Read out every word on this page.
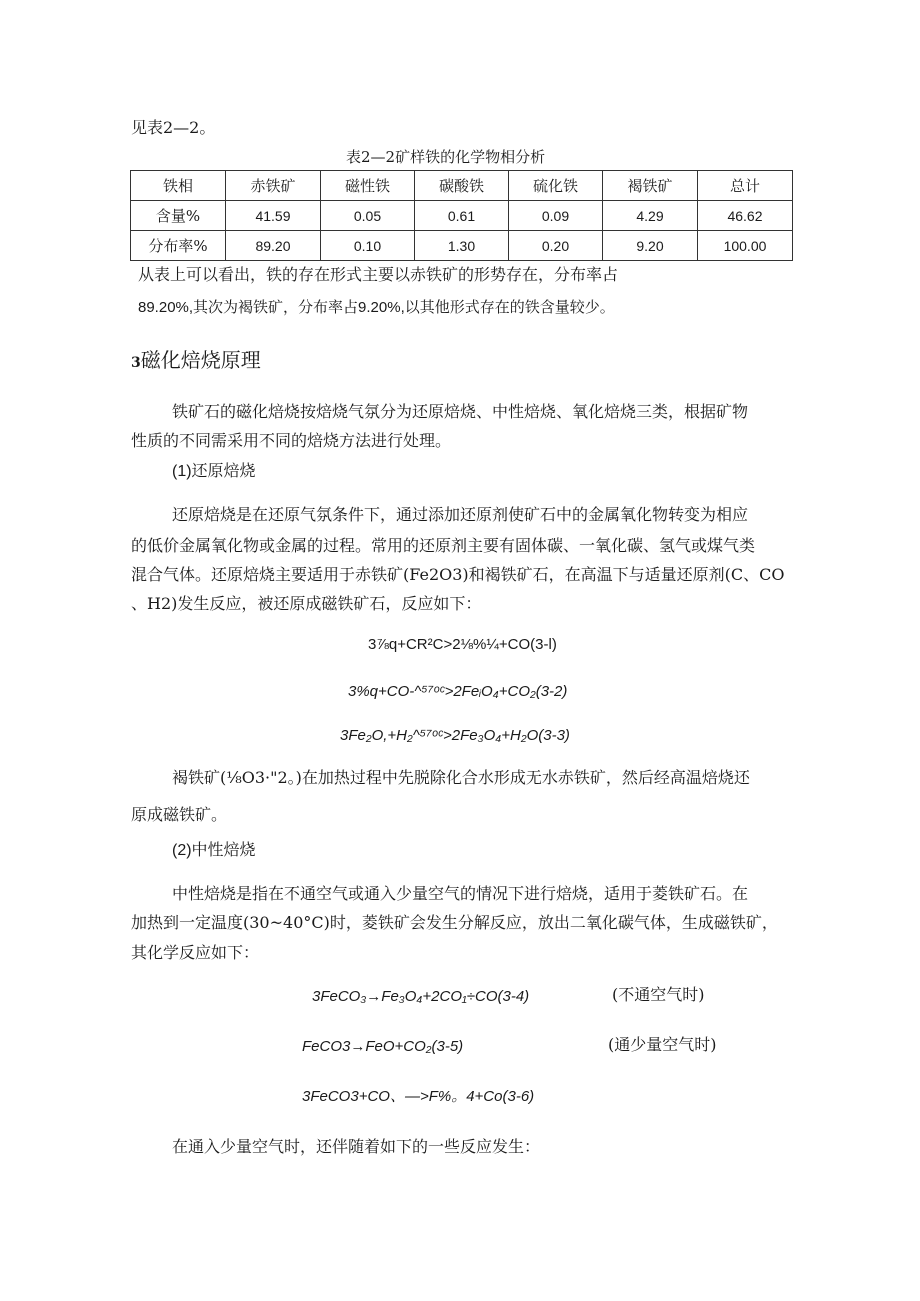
见表2—2。
表2—2矿样铁的化学物相分析
铁相	赤铁矿	磁性铁	碳酸铁	硫化铁	褐铁矿	总计
含量%	41.59	0.05	0.61	0.09	4.29	46.62
分布率%	89.20	0.10	1.30	0.20	9.20	100.00
从表上可以看出，铁的存在形式主要以赤铁矿的形势存在，分布率占
89.20%,其次为褐铁矿，分布率占9.20%,以其他形式存在的铁含量较少。
3磁化焙烧原理
铁矿石的磁化焙烧按焙烧气氛分为还原焙烧、中性焙烧、氧化焙烧三类，根据矿物
性质的不同需采用不同的焙烧方法进行处理。
(1)还原焙烧
还原焙烧是在还原气氛条件下，通过添加还原剂使矿石中的金属氧化物转变为相应
的低价金属氧化物或金属的过程。常用的还原剂主要有固体碳、一氧化碳、氢气或煤气类
混合气体。还原焙烧主要适用于赤铁矿(Fe2O3)和褐铁矿石，在高温下与适量还原剂(C、CO
、H2)发生反应，被还原成磁铁矿石，反应如下：
3⅞q+CR²C>2⅛%¼+CO(3-l)
3%q+CO-^⁵⁷ᵒᶜ>2FeᵢO₄+CO₂(3-2)
3Fe₂O,+H₂^⁵⁷ᵒᶜ>2Fe₃O₄+H₂O(3-3)
褐铁矿(⅛O3·"2。)在加热过程中先脱除化合水形成无水赤铁矿，然后经高温焙烧还
原成磁铁矿。
(2)中性焙烧
中性焙烧是指在不通空气或通入少量空气的情况下进行焙烧，适用于菱铁矿石。在
加热到一定温度(30~40°C)时，菱铁矿会发生分解反应，放出二氧化碳气体，生成磁铁矿，
其化学反应如下：
3FeCO₃→Fe₃O₄+2CO₁÷CO(3-4)	(不通空气时)
FeCO3→FeO+CO₂(3-5)	(通少量空气时)
3FeCO3+CO、—>F%。4+Co(3-6)
在通入少量空气时，还伴随着如下的一些反应发生：
